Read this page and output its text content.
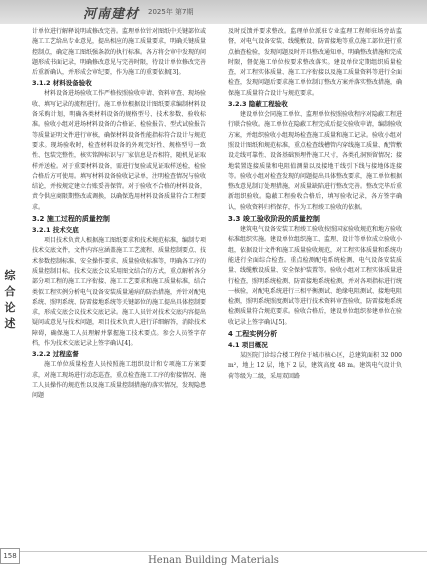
河南建材 2025年 第7期
综
合
论
述

计单位进行解释说明或修改完善。监理单位针对图纸中关键部位或施工工艺给出专业意见，提出相应的施工质量要求，明确关键质量控制点，确定施工图纸强条款的执行标准。各方将会审中发现的问题形成书面记录，明确修改意见与完善时限，待设计单位修改完善后重新确认，并形成会审纪要，作为施工的重要依据[3]。

3.1.2 材料设备验收

材料设备进场验收工作严格按照验收申请、资料审查、现场验收、填写记录的流程进行。施工单位根据设计图纸要求编制材料设备采购计划，明确各类材料设备的规格型号、技术参数、验收标准。验收小组对进场材料设备的合格证、检验报告、型式试验报告等质量证明文件进行审核，确保材料设备性能指标符合设计与规范要求。现场验收时，检查材料设备的外观完好性、规格型号一致性、包装完整性，核实铭牌标识与厂家信息是否相符，随机见证取样并送检。对于重要材料设备，需进行复验或见证取样送检，检验合格后方可使用。填写材料设备验收记录单，注明检查情况与验收结论，并按规定建立台账妥善保管。对于验收不合格的材料设备，责令供应商限期整改或调换，以确保选用材料设备质量符合工程要求。

3.2 施工过程的质量控制
3.2.1 技术交底

项目技术负责人根据施工图纸要求和技术规范标准，编制专项技术交底文件，文件内容应涵盖施工工艺流程、质量控制要点、技术参数控制标准、安全操作要求、质量验收标准等，明确各工序的质量控制目标。技术交底会议采用图文结合的方式，重点解析各分部分项工程的施工工序衔接、施工工艺要求和施工质量标准，结合类似工程实例分析电气设备安装质量通病的防治措施，并针对配电系统、照明系统、防雷接地系统等关键部位的施工提出具体控制要求，形成交底会议技术交底记录。施工人员针对技术交底内容提出疑问或意见与技术问题，项目技术负责人进行详细解答，消除技术障碍，确保施工人员理解并掌握施工技术要点。参会人员签字存档，作为技术交底记录上签字确认[4]。

3.2.2 过程监督

施工单位质量检查人员按照施工组织设计和专项施工方案要求，对施工现场进行动态巡查，重点检查施工工序的衔接情况、施工人员操作的规范性以及施工质量控制措施的落实情况，发现隐患问题

及时反馈并要求整改。监理单位派驻专业监理工程师驻场旁站监督，对电气设备安装、线缆敷设、防雷接地等重点施工部位进行重点抽查检验，发现问题及时开具整改通知单，明确整改措施和完成时限，督促施工单位按要求整改落实。建设单位定期组织质量检查，对工程实体质量、施工工序衔接以及施工质量资料等进行全面检查，发现问题后要求施工单位制订整改方案并落实整改措施，确保施工质量符合设计与规范要求。

3.2.3 隐蔽工程验收

建设单位会同施工单位、监理单位按照验收程序对隐蔽工程进行联合验收。施工单位在隐蔽工程完成后提交验收申请，编制验收方案，并组织验收小组现场检查施工质量和施工记录。验收小组对照设计图纸和规范标准，重点检查线槽管内穿线施工质量、配管敷设走线可靠性、设备基础预埋件施工尺寸，各类孔洞预留情况；接地装置连接质量和电阻值测量以及接地干线引下线与接地体连接等。验收小组对检查发现的问题提出具体整改要求，施工单位根据整改意见制订处理措施，对质量缺陷进行整改完善。整改完毕后重新组织验收。隐蔽工程验收合格后，填写验收记录，各方签字确认，验收资料归档保存，作为工程竣工验收的依据。

3.3 竣工验收阶段的质量控制

建筑电气设备安装工程竣工验收按照国家验收规范和地方验收标准组织实施。建设单位组织施工、监理、设计等单位成立验收小组，依据设计文件和施工质量验收规范，对工程实体质量和系统功能进行全面综合检查。重点检测配电系统检测、电气设备安装质量、线缆敷设质量、安全保护装置等。验收小组对工程实体质量进行检查，照明系统检测、防雷接地系统检测，并对各项指标进行统一核验，对配电系统进行三相平衡测试、绝缘电阻测试、接地电阻检测，照明系统照度测试等进行技术资料审查验收，防雷接地系统检测质量符合规范要求。验收合格后，建设单位组织参建单位在验收记录上签字确认[5]。

4 工程实例分析
4.1 项目概况

某医院门诊综合楼工程位于城市核心区，总建筑面积 32 000 m²，地上 12 层，地下 2 层，建筑高度 48 m。建筑电气设计负荷等级为二级，采用双回路

158	Henan Building Materials
